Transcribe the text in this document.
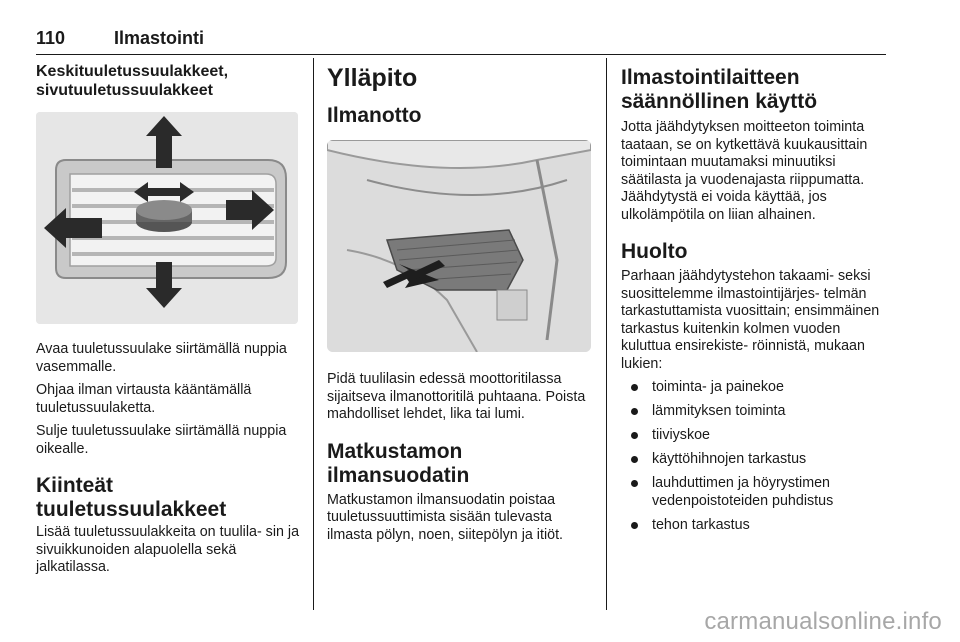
110	Ilmastointi

Keskituuletussuulakkeet, sivutuuletussuulakkeet

Avaa tuuletussuulake siirtämällä nuppia vasemmalle.

Ohjaa ilman virtausta kääntämällä tuuletussuulaketta.

Sulje tuuletussuulake siirtämällä nuppia oikealle.

Kiinteät tuuletussuulakkeet

Lisää tuuletussuulakkeita on tuulila- sin ja sivuikkunoiden alapuolella sekä jalkatilassa.

Ylläpito

Ilmanotto

Pidä tuulilasin edessä moottoritilassa sijaitseva ilmanottoritilä puhtaana. Poista mahdolliset lehdet, lika tai lumi.

Matkustamon ilmansuodatin

Matkustamon ilmansuodatin poistaa tuuletussuuttimista sisään tulevasta ilmasta pölyn, noen, siitepölyn ja itiöt.

Ilmastointilaitteen säännöllinen käyttö

Jotta jäähdytyksen moitteeton toiminta taataan, se on kytkettävä kuukausittain toimintaan muutamaksi minuutiksi säätilasta ja vuodenajasta riippumatta. Jäähdytystä ei voida käyttää, jos ulkolämpötila on liian alhainen.

Huolto

Parhaan jäähdytystehon takaami- seksi suosittelemme ilmastointijärjes- telmän tarkastuttamista vuosittain; ensimmäinen tarkastus kuitenkin kolmen vuoden kuluttua ensirekiste- röinnistä, mukaan lukien:

toiminta- ja painekoe
lämmityksen toiminta
tiiviyskoe
käyttöhihnojen tarkastus
lauhduttimen ja höyrystimen vedenpoistoteiden puhdistus
tehon tarkastus
carmanualsonline.info
